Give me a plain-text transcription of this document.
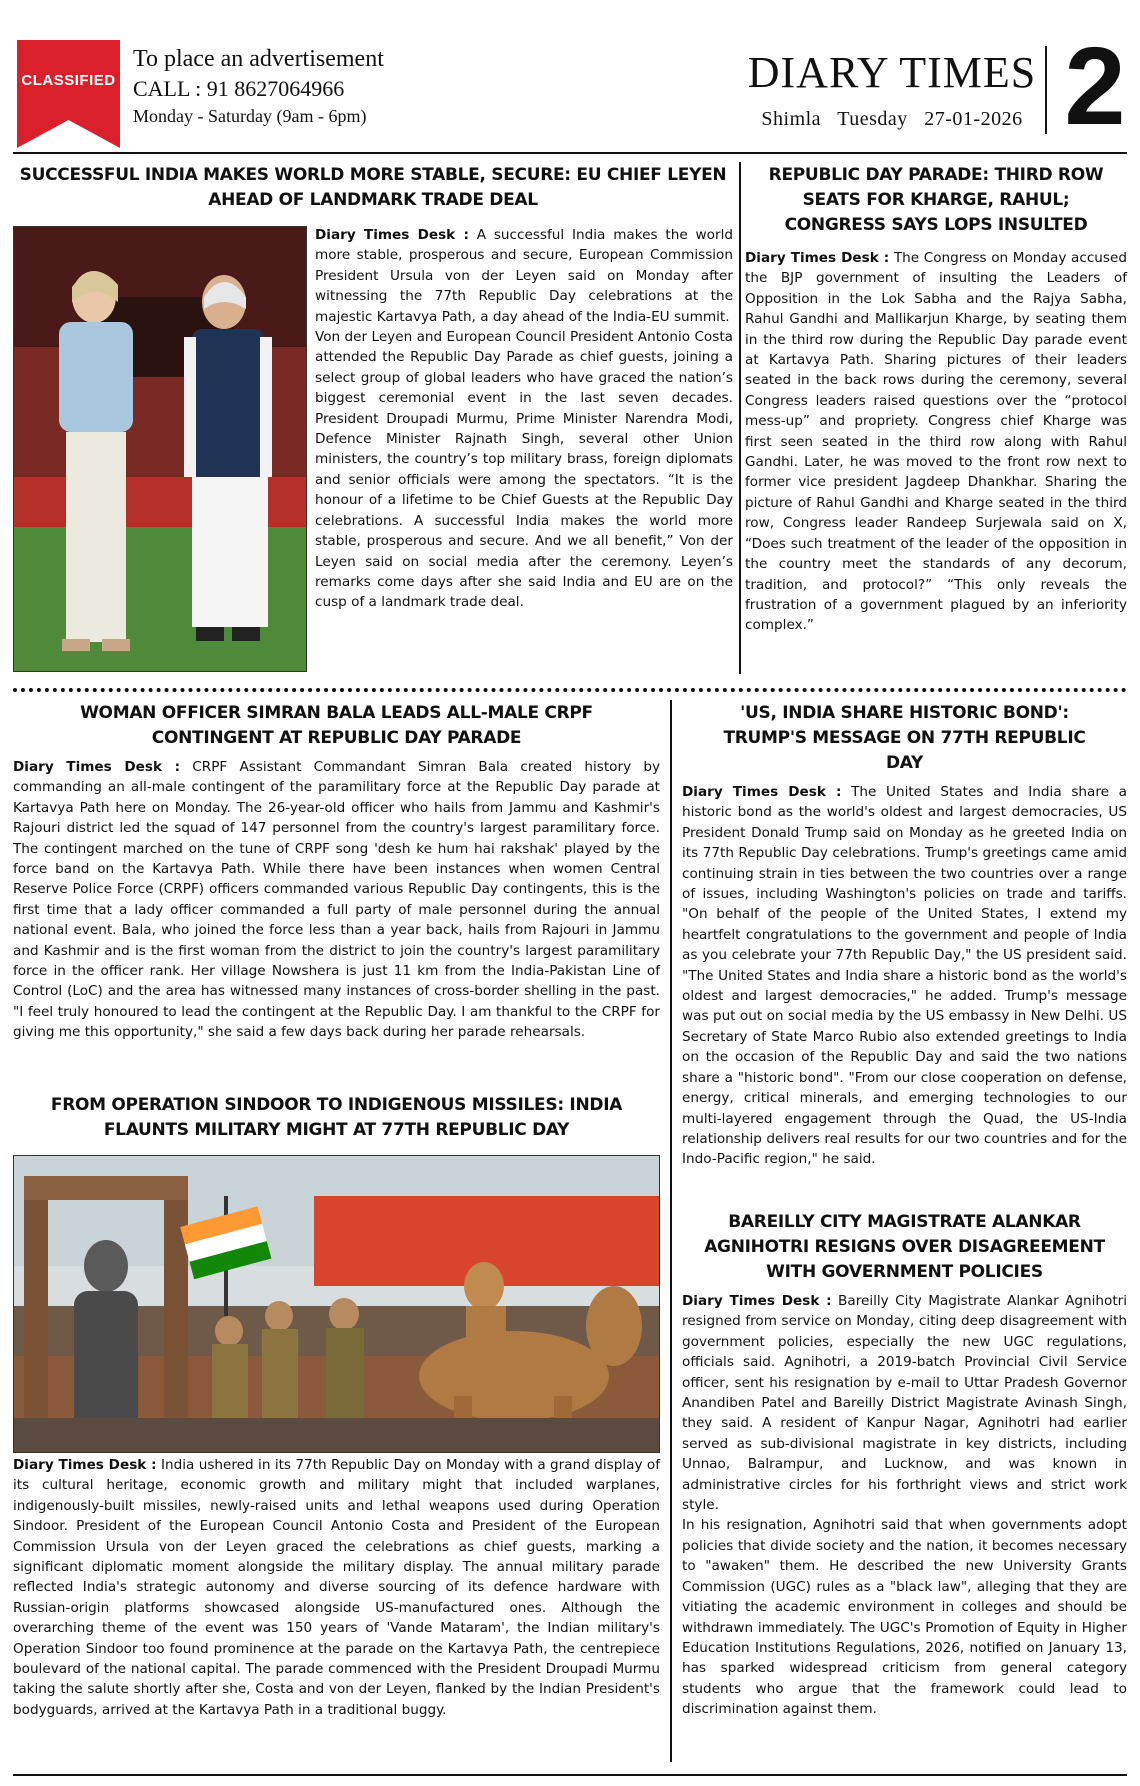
CLASSIFIED
To place an advertisement
CALL : 91 8627064966
Monday - Saturday (9am - 6pm)
DIARY TIMES
Shimla Tuesday 27-01-2026 2
SUCCESSFUL INDIA MAKES WORLD MORE STABLE, SECURE: EU CHIEF LEYEN AHEAD OF LANDMARK TRADE DEAL

Diary Times Desk : A successful India makes the world more stable, prosperous and secure, European Commission President Ursula von der Leyen said on Monday after witnessing the 77th Republic Day celebrations at the majestic Kartavya Path, a day ahead of the India-EU summit.

Von der Leyen and European Council President Antonio Costa attended the Republic Day Parade as chief guests, joining a select group of global leaders who have graced the nation’s biggest ceremonial event in the last seven decades. President Droupadi Murmu, Prime Minister Narendra Modi, Defence Minister Rajnath Singh, several other Union ministers, the country’s top military brass, foreign diplomats and senior officials were among the spectators. “It is the honour of a lifetime to be Chief Guests at the Republic Day celebrations. A successful India makes the world more stable, prosperous and secure. And we all benefit,” Von der Leyen said on social media after the ceremony. Leyen’s remarks come days after she said India and EU are on the cusp of a landmark trade deal.

REPUBLIC DAY PARADE: THIRD ROW SEATS FOR KHARGE, RAHUL; CONGRESS SAYS LOPS INSULTED

Diary Times Desk : The Congress on Monday accused the BJP government of insulting the Leaders of Opposition in the Lok Sabha and the Rajya Sabha, Rahul Gandhi and Mallikarjun Kharge, by seating them in the third row during the Republic Day parade event at Kartavya Path. Sharing pictures of their leaders seated in the back rows during the ceremony, several Congress leaders raised questions over the “protocol mess-up” and propriety. Congress chief Kharge was first seen seated in the third row along with Rahul Gandhi. Later, he was moved to the front row next to former vice president Jagdeep Dhankhar. Sharing the picture of Rahul Gandhi and Kharge seated in the third row, Congress leader Randeep Surjewala said on X, “Does such treatment of the leader of the opposition in the country meet the standards of any decorum, tradition, and protocol?” “This only reveals the frustration of a government plagued by an inferiority complex.”

WOMAN OFFICER SIMRAN BALA LEADS ALL-MALE CRPF CONTINGENT AT REPUBLIC DAY PARADE

Diary Times Desk : CRPF Assistant Commandant Simran Bala created history by commanding an all-male contingent of the paramilitary force at the Republic Day parade at Kartavya Path here on Monday. The 26-year-old officer who hails from Jammu and Kashmir's Rajouri district led the squad of 147 personnel from the country's largest paramilitary force. The contingent marched on the tune of CRPF song 'desh ke hum hai rakshak' played by the force band on the Kartavya Path. While there have been instances when women Central Reserve Police Force (CRPF) officers commanded various Republic Day contingents, this is the first time that a lady officer commanded a full party of male personnel during the annual national event. Bala, who joined the force less than a year back, hails from Rajouri in Jammu and Kashmir and is the first woman from the district to join the country's largest paramilitary force in the officer rank. Her village Nowshera is just 11 km from the India-Pakistan Line of Control (LoC) and the area has witnessed many instances of cross-border shelling in the past. "I feel truly honoured to lead the contingent at the Republic Day. I am thankful to the CRPF for giving me this opportunity," she said a few days back during her parade rehearsals.

FROM OPERATION SINDOOR TO INDIGENOUS MISSILES: INDIA FLAUNTS MILITARY MIGHT AT 77TH REPUBLIC DAY

Diary Times Desk : India ushered in its 77th Republic Day on Monday with a grand display of its cultural heritage, economic growth and military might that included warplanes, indigenously-built missiles, newly-raised units and lethal weapons used during Operation Sindoor. President of the European Council Antonio Costa and President of the European Commission Ursula von der Leyen graced the celebrations as chief guests, marking a significant diplomatic moment alongside the military display. The annual military parade reflected India's strategic autonomy and diverse sourcing of its defence hardware with Russian-origin platforms showcased alongside US-manufactured ones. Although the overarching theme of the event was 150 years of 'Vande Mataram', the Indian military's Operation Sindoor too found prominence at the parade on the Kartavya Path, the centrepiece boulevard of the national capital. The parade commenced with the President Droupadi Murmu taking the salute shortly after she, Costa and von der Leyen, flanked by the Indian President's bodyguards, arrived at the Kartavya Path in a traditional buggy.

'US, INDIA SHARE HISTORIC BOND': TRUMP'S MESSAGE ON 77TH REPUBLIC DAY

Diary Times Desk : The United States and India share a historic bond as the world's oldest and largest democracies, US President Donald Trump said on Monday as he greeted India on its 77th Republic Day celebrations. Trump's greetings came amid continuing strain in ties between the two countries over a range of issues, including Washington's policies on trade and tariffs. "On behalf of the people of the United States, I extend my heartfelt congratulations to the government and people of India as you celebrate your 77th Republic Day," the US president said. "The United States and India share a historic bond as the world's oldest and largest democracies," he added. Trump's message was put out on social media by the US embassy in New Delhi. US Secretary of State Marco Rubio also extended greetings to India on the occasion of the Republic Day and said the two nations share a "historic bond". "From our close cooperation on defense, energy, critical minerals, and emerging technologies to our multi-layered engagement through the Quad, the US-India relationship delivers real results for our two countries and for the Indo-Pacific region," he said.

BAREILLY CITY MAGISTRATE ALANKAR AGNIHOTRI RESIGNS OVER DISAGREEMENT WITH GOVERNMENT POLICIES

Diary Times Desk : Bareilly City Magistrate Alankar Agnihotri resigned from service on Monday, citing deep disagreement with government policies, especially the new UGC regulations, officials said. Agnihotri, a 2019-batch Provincial Civil Service officer, sent his resignation by e-mail to Uttar Pradesh Governor Anandiben Patel and Bareilly District Magistrate Avinash Singh, they said. A resident of Kanpur Nagar, Agnihotri had earlier served as sub-divisional magistrate in key districts, including Unnao, Balrampur, and Lucknow, and was known in administrative circles for his forthright views and strict work style.

In his resignation, Agnihotri said that when governments adopt policies that divide society and the nation, it becomes necessary to "awaken" them. He described the new University Grants Commission (UGC) rules as a "black law", alleging that they are vitiating the academic environment in colleges and should be withdrawn immediately. The UGC's Promotion of Equity in Higher Education Institutions Regulations, 2026, notified on January 13, has sparked widespread criticism from general category students who argue that the framework could lead to discrimination against them.
